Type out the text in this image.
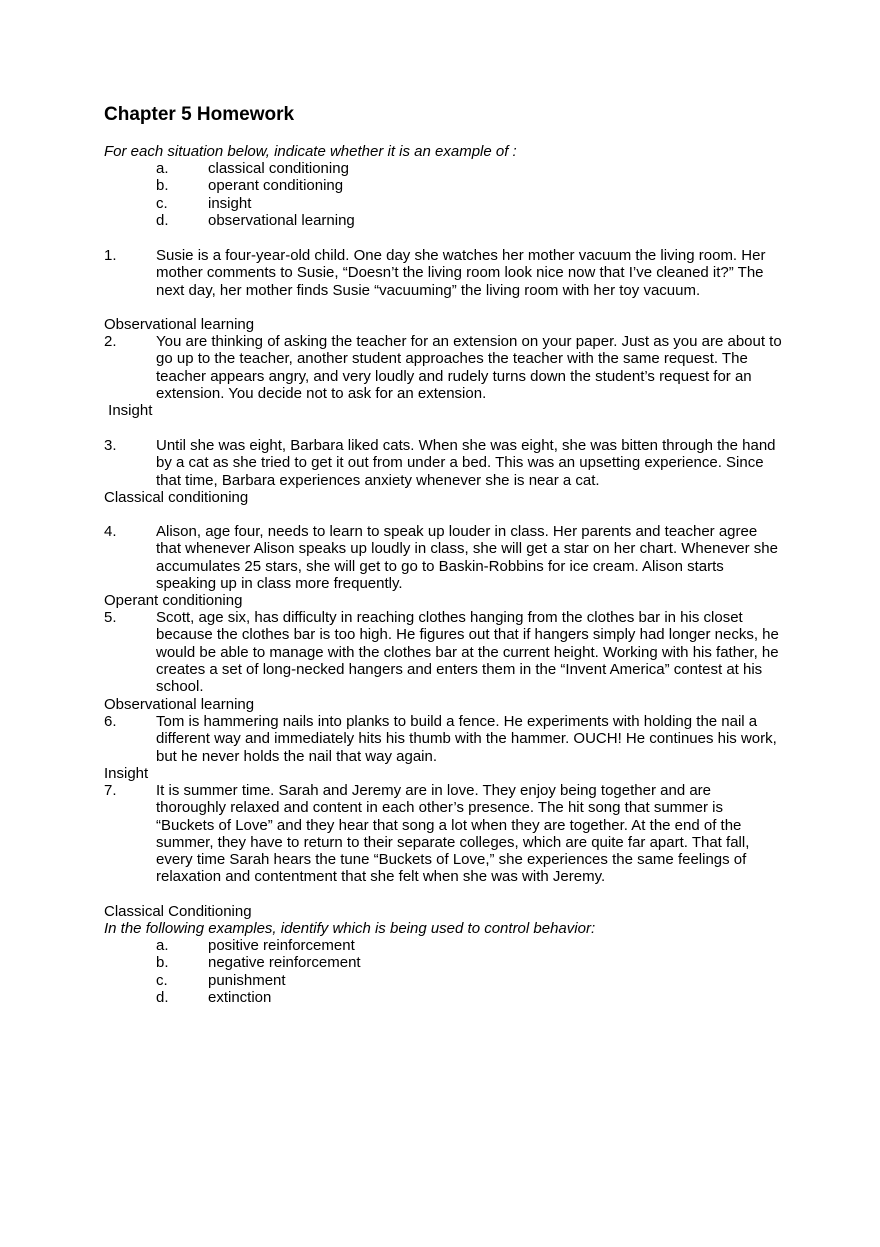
Chapter 5 Homework
For each situation below, indicate whether it is an example of :
a.	classical conditioning
b.	operant conditioning
c.	insight
d.	observational learning
1.	Susie is a four-year-old child. One day she watches her mother vacuum the living room. Her mother comments to Susie, “Doesn’t the living room look nice now that I’ve cleaned it?” The next day, her mother finds Susie “vacuuming” the living room with her toy vacuum.
Observational learning
2.	You are thinking of asking the teacher for an extension on your paper. Just as you are about to go up to the teacher, another student approaches the teacher with the same request. The teacher appears angry, and very loudly and rudely turns down the student’s request for an extension. You decide not to ask for an extension.
Insight
3.	Until she was eight, Barbara liked cats. When she was eight, she was bitten through the hand by a cat as she tried to get it out from under a bed. This was an upsetting experience. Since that time, Barbara experiences anxiety whenever she is near a cat.
Classical conditioning
4.	Alison, age four, needs to learn to speak up louder in class. Her parents and teacher agree that whenever Alison speaks up loudly in class, she will get a star on her chart. Whenever she accumulates 25 stars, she will get to go to Baskin-Robbins for ice cream. Alison starts speaking up in class more frequently.
Operant conditioning
5.	Scott, age six, has difficulty in reaching clothes hanging from the clothes bar in his closet because the clothes bar is too high. He figures out that if hangers simply had longer necks, he would be able to manage with the clothes bar at the current height. Working with his father, he creates a set of long-necked hangers and enters them in the “Invent America” contest at his school.
Observational learning
6.	Tom is hammering nails into planks to build a fence. He experiments with holding the nail a different way and immediately hits his thumb with the hammer. OUCH! He continues his work, but he never holds the nail that way again.
Insight
7.	It is summer time. Sarah and Jeremy are in love. They enjoy being together and are thoroughly relaxed and content in each other’s presence. The hit song that summer is “Buckets of Love” and they hear that song a lot when they are together. At the end of the summer, they have to return to their separate colleges, which are quite far apart. That fall, every time Sarah hears the tune “Buckets of Love,” she experiences the same feelings of relaxation and contentment that she felt when she was with Jeremy.
Classical Conditioning
In the following examples, identify which is being used to control behavior:
a.	positive reinforcement
b.	negative reinforcement
c.	punishment
d.	extinction
